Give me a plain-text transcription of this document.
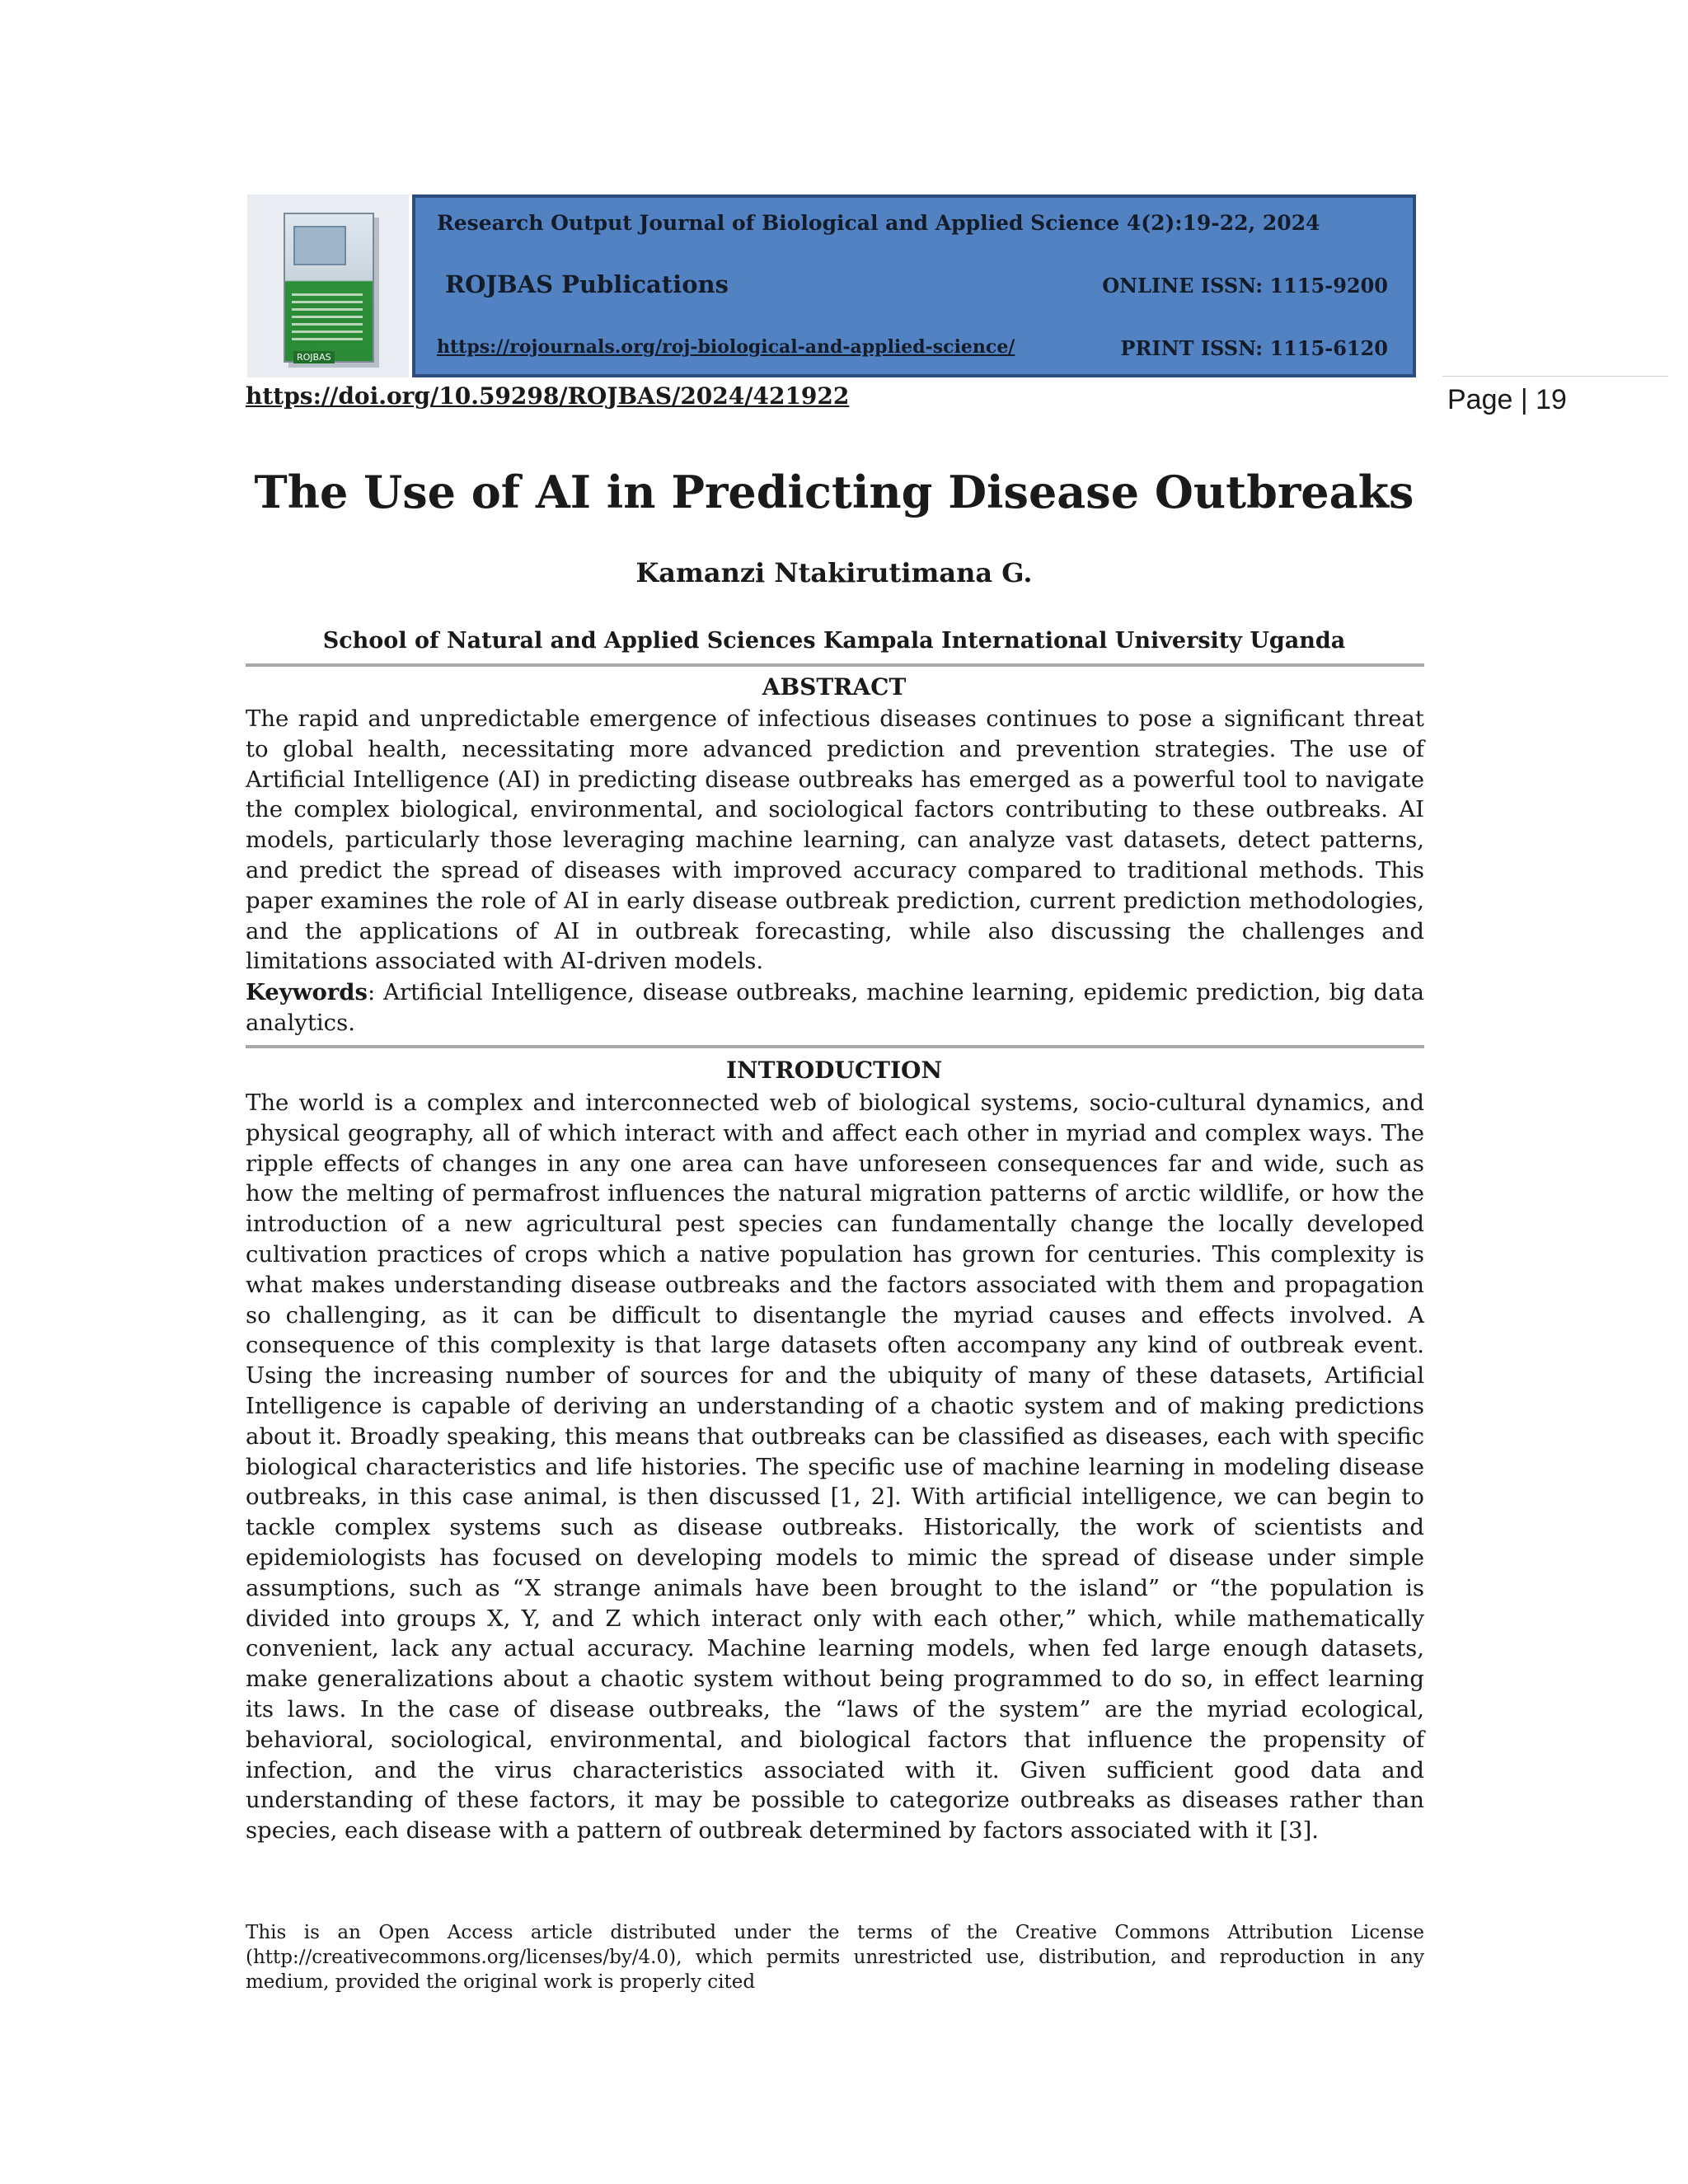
ROJBAS
Research Output Journal of Biological and Applied Science 4(2):19-22, 2024
ROJBAS Publications	ONLINE ISSN: 1115-9200
https://rojournals.org/roj-biological-and-applied-science/	PRINT ISSN: 1115-6120
https://doi.org/10.59298/ROJBAS/2024/421922	Page | 19
The Use of AI in Predicting Disease Outbreaks
Kamanzi Ntakirutimana G.
School of Natural and Applied Sciences Kampala International University Uganda
ABSTRACT

The rapid and unpredictable emergence of infectious diseases continues to pose a significant threat to global health, necessitating more advanced prediction and prevention strategies. The use of Artificial Intelligence (AI) in predicting disease outbreaks has emerged as a powerful tool to navigate the complex biological, environmental, and sociological factors contributing to these outbreaks. AI models, particularly those leveraging machine learning, can analyze vast datasets, detect patterns, and predict the spread of diseases with improved accuracy compared to traditional methods. This paper examines the role of AI in early disease outbreak prediction, current prediction methodologies, and the applications of AI in outbreak forecasting, while also discussing the challenges and limitations associated with AI-driven models.

Keywords: Artificial Intelligence, disease outbreaks, machine learning, epidemic prediction, big data analytics.

INTRODUCTION

The world is a complex and interconnected web of biological systems, socio-cultural dynamics, and physical geography, all of which interact with and affect each other in myriad and complex ways. The ripple effects of changes in any one area can have unforeseen consequences far and wide, such as how the melting of permafrost influences the natural migration patterns of arctic wildlife, or how the introduction of a new agricultural pest species can fundamentally change the locally developed cultivation practices of crops which a native population has grown for centuries. This complexity is what makes understanding disease outbreaks and the factors associated with them and propagation so challenging, as it can be difficult to disentangle the myriad causes and effects involved. A consequence of this complexity is that large datasets often accompany any kind of outbreak event. Using the increasing number of sources for and the ubiquity of many of these datasets, Artificial Intelligence is capable of deriving an understanding of a chaotic system and of making predictions about it. Broadly speaking, this means that outbreaks can be classified as diseases, each with specific biological characteristics and life histories. The specific use of machine learning in modeling disease outbreaks, in this case animal, is then discussed [1, 2]. With artificial intelligence, we can begin to tackle complex systems such as disease outbreaks. Historically, the work of scientists and epidemiologists has focused on developing models to mimic the spread of disease under simple assumptions, such as “X strange animals have been brought to the island” or “the population is divided into groups X, Y, and Z which interact only with each other,” which, while mathematically convenient, lack any actual accuracy. Machine learning models, when fed large enough datasets, make generalizations about a chaotic system without being programmed to do so, in effect learning its laws. In the case of disease outbreaks, the “laws of the system” are the myriad ecological, behavioral, sociological, environmental, and biological factors that influence the propensity of infection, and the virus characteristics associated with it. Given sufficient good data and understanding of these factors, it may be possible to categorize outbreaks as diseases rather than species, each disease with a pattern of outbreak determined by factors associated with it [3].

This is an Open Access article distributed under the terms of the Creative Commons Attribution License (http://creativecommons.org/licenses/by/4.0), which permits unrestricted use, distribution, and reproduction in any medium, provided the original work is properly cited
